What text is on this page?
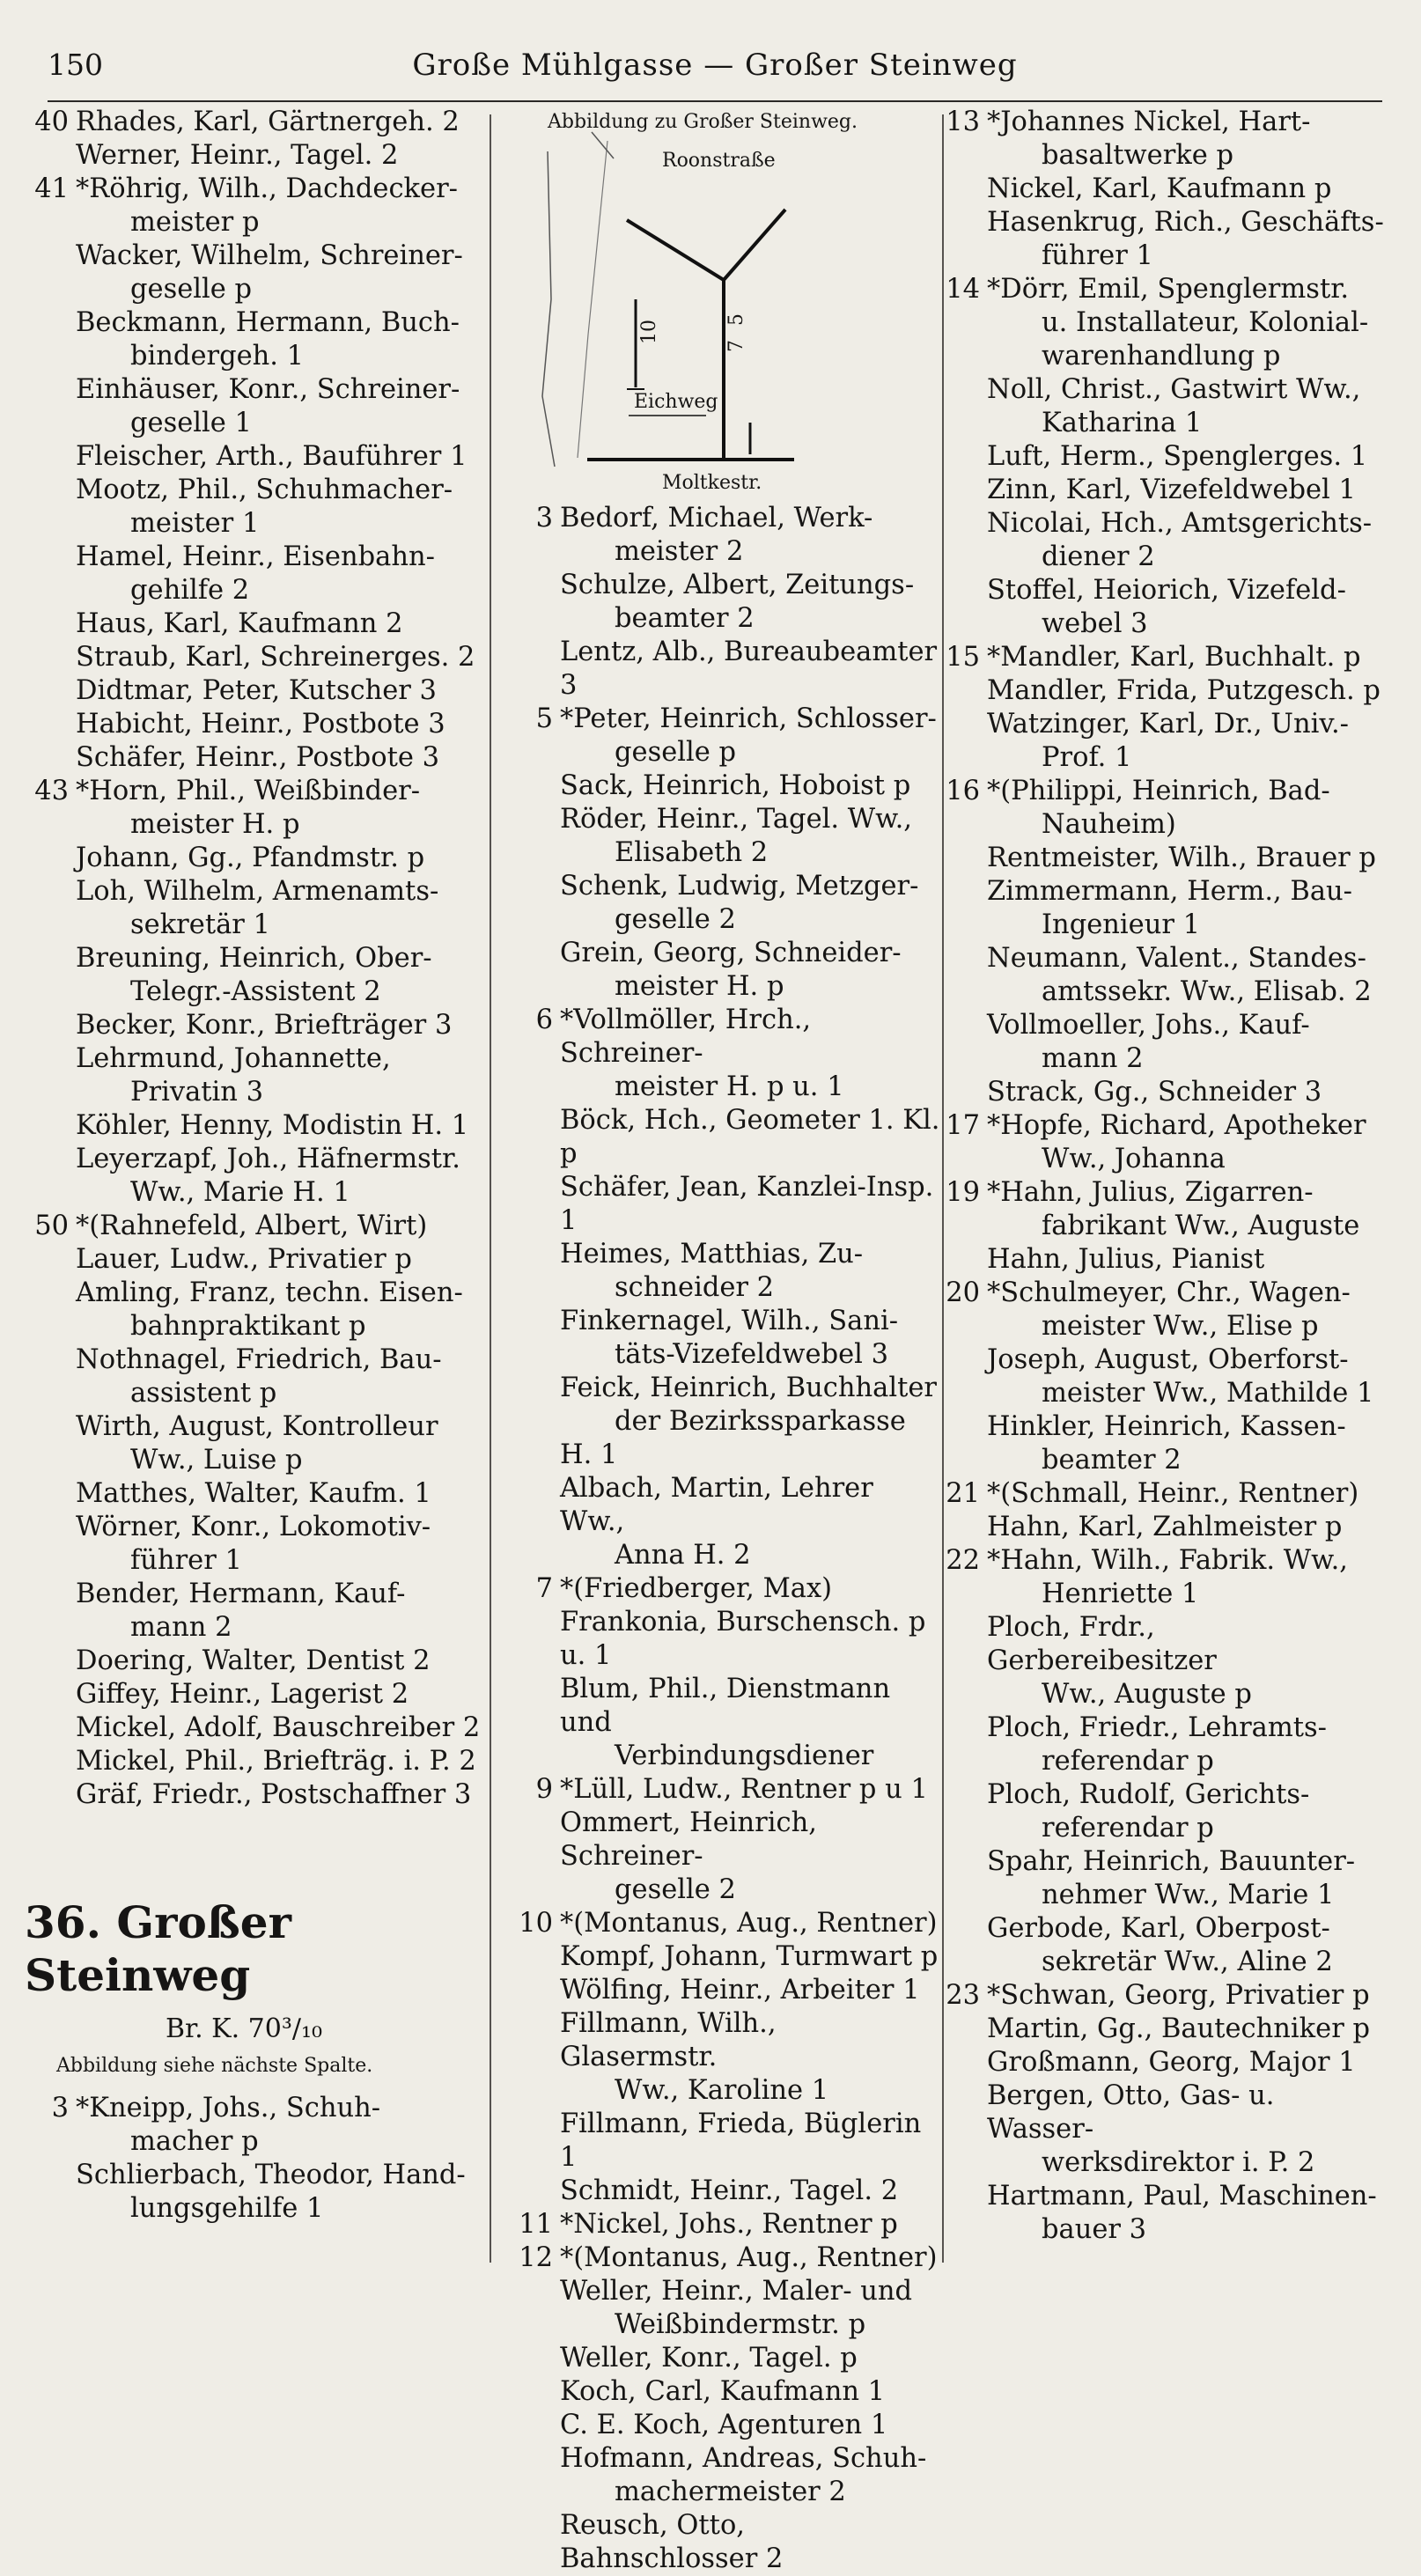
150	Große Mühlgasse — Großer Steinweg
40 Rhades, Karl, Gärtnergeh. 2
Werner, Heinr., Tagel. 2
41 *Röhrig, Wilh., Dachdecker-
meister p
Wacker, Wilhelm, Schreiner-
geselle p
Beckmann, Hermann, Buch-
bindergeh. 1
Einhäuser, Konr., Schreiner-
geselle 1
Fleischer, Arth., Bauführer 1
Mootz, Phil., Schuhmacher-
meister 1
Hamel, Heinr., Eisenbahn-
gehilfe 2
Haus, Karl, Kaufmann 2
Straub, Karl, Schreinerges. 2
Didtmar, Peter, Kutscher 3
Habicht, Heinr., Postbote 3
Schäfer, Heinr., Postbote 3
43 *Horn, Phil., Weißbinder-
meister H. p
Johann, Gg., Pfandmstr. p
Loh, Wilhelm, Armenamts-
sekretär 1
Breuning, Heinrich, Ober-
Telegr.-Assistent 2
Becker, Konr., Briefträger 3
Lehrmund, Johannette,
Privatin 3
Köhler, Henny, Modistin H. 1
Leyerzapf, Joh., Häfnermstr.
Ww., Marie H. 1
50 *(Rahnefeld, Albert, Wirt)
Lauer, Ludw., Privatier p
Amling, Franz, techn. Eisen-
bahnpraktikant p
Nothnagel, Friedrich, Bau-
assistent p
Wirth, August, Kontrolleur
Ww., Luise p
Matthes, Walter, Kaufm. 1
Wörner, Konr., Lokomotiv-
führer 1
Bender, Hermann, Kauf-
mann 2
Doering, Walter, Dentist 2
Giffey, Heinr., Lagerist 2
Mickel, Adolf, Bauschreiber 2
Mickel, Phil., Briefträg. i. P. 2
Gräf, Friedr., Postschaffner 3
36. Großer Steinweg
Br. K. 70³/₁₀
Abbildung siehe nächste Spalte.
3 *Kneipp, Johs., Schuh-
macher p
Schlierbach, Theodor, Hand-
lungsgehilfe 1
Abbildung zu Großer Steinweg.
Roonstraße
Eichweg
Moltkestr.
5
7
10
3 Bedorf, Michael, Werk-
meister 2
Schulze, Albert, Zeitungs-
beamter 2
Lentz, Alb., Bureaubeamter 3
5 *Peter, Heinrich, Schlosser-
geselle p
Sack, Heinrich, Hoboist p
Röder, Heinr., Tagel. Ww.,
Elisabeth 2
Schenk, Ludwig, Metzger-
geselle 2
Grein, Georg, Schneider-
meister H. p
6 *Vollmöller, Hrch., Schreiner-
meister H. p u. 1
Böck, Hch., Geometer 1. Kl. p
Schäfer, Jean, Kanzlei-Insp. 1
Heimes, Matthias, Zu-
schneider 2
Finkernagel, Wilh., Sani-
täts-Vizefeldwebel 3
Feick, Heinrich, Buchhalter
der Bezirkssparkasse H. 1
Albach, Martin, Lehrer Ww.,
Anna H. 2
7 *(Friedberger, Max)
Frankonia, Burschensch. p u. 1
Blum, Phil., Dienstmann und
Verbindungsdiener
9 *Lüll, Ludw., Rentner p u 1
Ommert, Heinrich, Schreiner-
geselle 2
10 *(Montanus, Aug., Rentner)
Kompf, Johann, Turmwart p
Wölfing, Heinr., Arbeiter 1
Fillmann, Wilh., Glasermstr.
Ww., Karoline 1
Fillmann, Frieda, Büglerin 1
Schmidt, Heinr., Tagel. 2
11 *Nickel, Johs., Rentner p
12 *(Montanus, Aug., Rentner)
Weller, Heinr., Maler- und
Weißbindermstr. p
Weller, Konr., Tagel. p
Koch, Carl, Kaufmann 1
C. E. Koch, Agenturen 1
Hofmann, Andreas, Schuh-
machermeister 2
Reusch, Otto, Bahnschlosser 2
13 *Johannes Nickel, Hart-
basaltwerke p
Nickel, Karl, Kaufmann p
Hasenkrug, Rich., Geschäfts-
führer 1
14 *Dörr, Emil, Spenglermstr.
u. Installateur, Kolonial-
warenhandlung p
Noll, Christ., Gastwirt Ww.,
Katharina 1
Luft, Herm., Spenglerges. 1
Zinn, Karl, Vizefeldwebel 1
Nicolai, Hch., Amtsgerichts-
diener 2
Stoffel, Heiorich, Vizefeld-
webel 3
15 *Mandler, Karl, Buchhalt. p
Mandler, Frida, Putzgesch. p
Watzinger, Karl, Dr., Univ.-
Prof. 1
16 *(Philippi, Heinrich, Bad-
Nauheim)
Rentmeister, Wilh., Brauer p
Zimmermann, Herm., Bau-
Ingenieur 1
Neumann, Valent., Standes-
amtssekr. Ww., Elisab. 2
Vollmoeller, Johs., Kauf-
mann 2
Strack, Gg., Schneider 3
17 *Hopfe, Richard, Apotheker
Ww., Johanna
19 *Hahn, Julius, Zigarren-
fabrikant Ww., Auguste
Hahn, Julius, Pianist
20 *Schulmeyer, Chr., Wagen-
meister Ww., Elise p
Joseph, August, Oberforst-
meister Ww., Mathilde 1
Hinkler, Heinrich, Kassen-
beamter 2
21 *(Schmall, Heinr., Rentner)
Hahn, Karl, Zahlmeister p
22 *Hahn, Wilh., Fabrik. Ww.,
Henriette 1
Ploch, Frdr., Gerbereibesitzer
Ww., Auguste p
Ploch, Friedr., Lehramts-
referendar p
Ploch, Rudolf, Gerichts-
referendar p
Spahr, Heinrich, Bauunter-
nehmer Ww., Marie 1
Gerbode, Karl, Oberpost-
sekretär Ww., Aline 2
23 *Schwan, Georg, Privatier p
Martin, Gg., Bautechniker p
Großmann, Georg, Major 1
Bergen, Otto, Gas- u. Wasser-
werksdirektor i. P. 2
Hartmann, Paul, Maschinen-
bauer 3
